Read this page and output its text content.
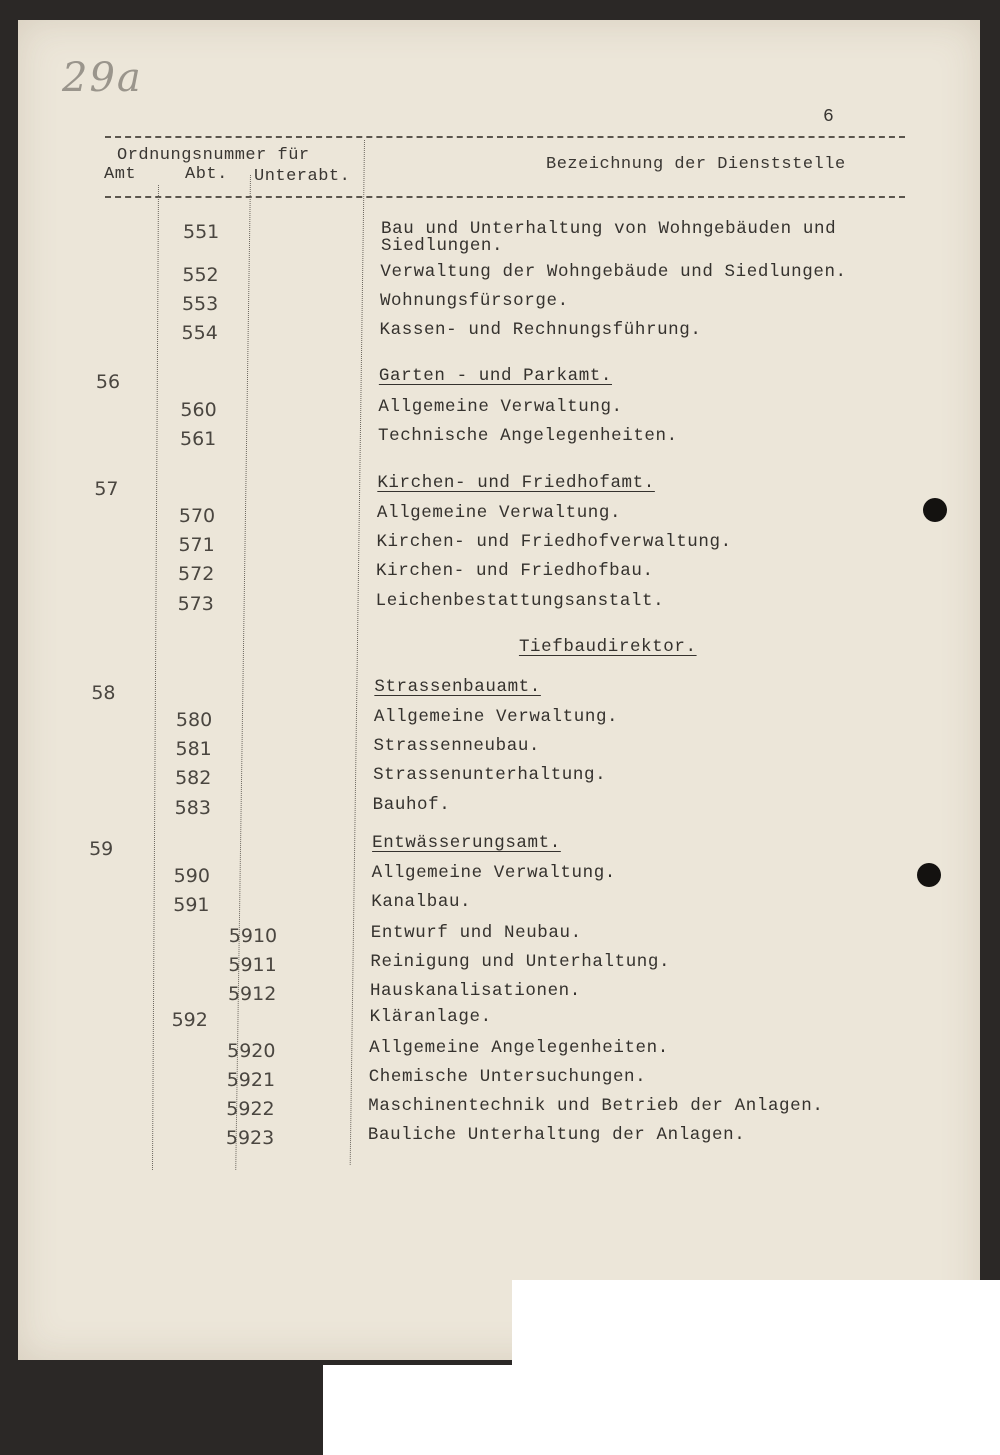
29a
6
Ordnungsnummer für
Amt	Abt. Unterabt.
Bezeichnung der Dienststelle
551	Bau und Unterhaltung von Wohngebäuden und
Siedlungen.
552	Verwaltung der Wohngebäude und Siedlungen.
553	Wohnungsfürsorge.
554	Kassen- und Rechnungsführung.
56	Garten - und Parkamt.
560	Allgemeine Verwaltung.
561	Technische Angelegenheiten.
57	Kirchen- und Friedhofamt.
570	Allgemeine Verwaltung.
571	Kirchen- und Friedhofverwaltung.
572	Kirchen- und Friedhofbau.
573	Leichenbestattungsanstalt.
Tiefbaudirektor.
58	Strassenbauamt.
580	Allgemeine Verwaltung.
581	Strassenneubau.
582	Strassenunterhaltung.
583	Bauhof.
59	Entwässerungsamt.
590	Allgemeine Verwaltung.
591	Kanalbau.
5910	Entwurf und Neubau.
5911	Reinigung und Unterhaltung.
5912	Hauskanalisationen.
592	Kläranlage.
5920	Allgemeine Angelegenheiten.
5921	Chemische Untersuchungen.
5922	Maschinentechnik und Betrieb der Anlagen.
5923	Bauliche Unterhaltung der Anlagen.
